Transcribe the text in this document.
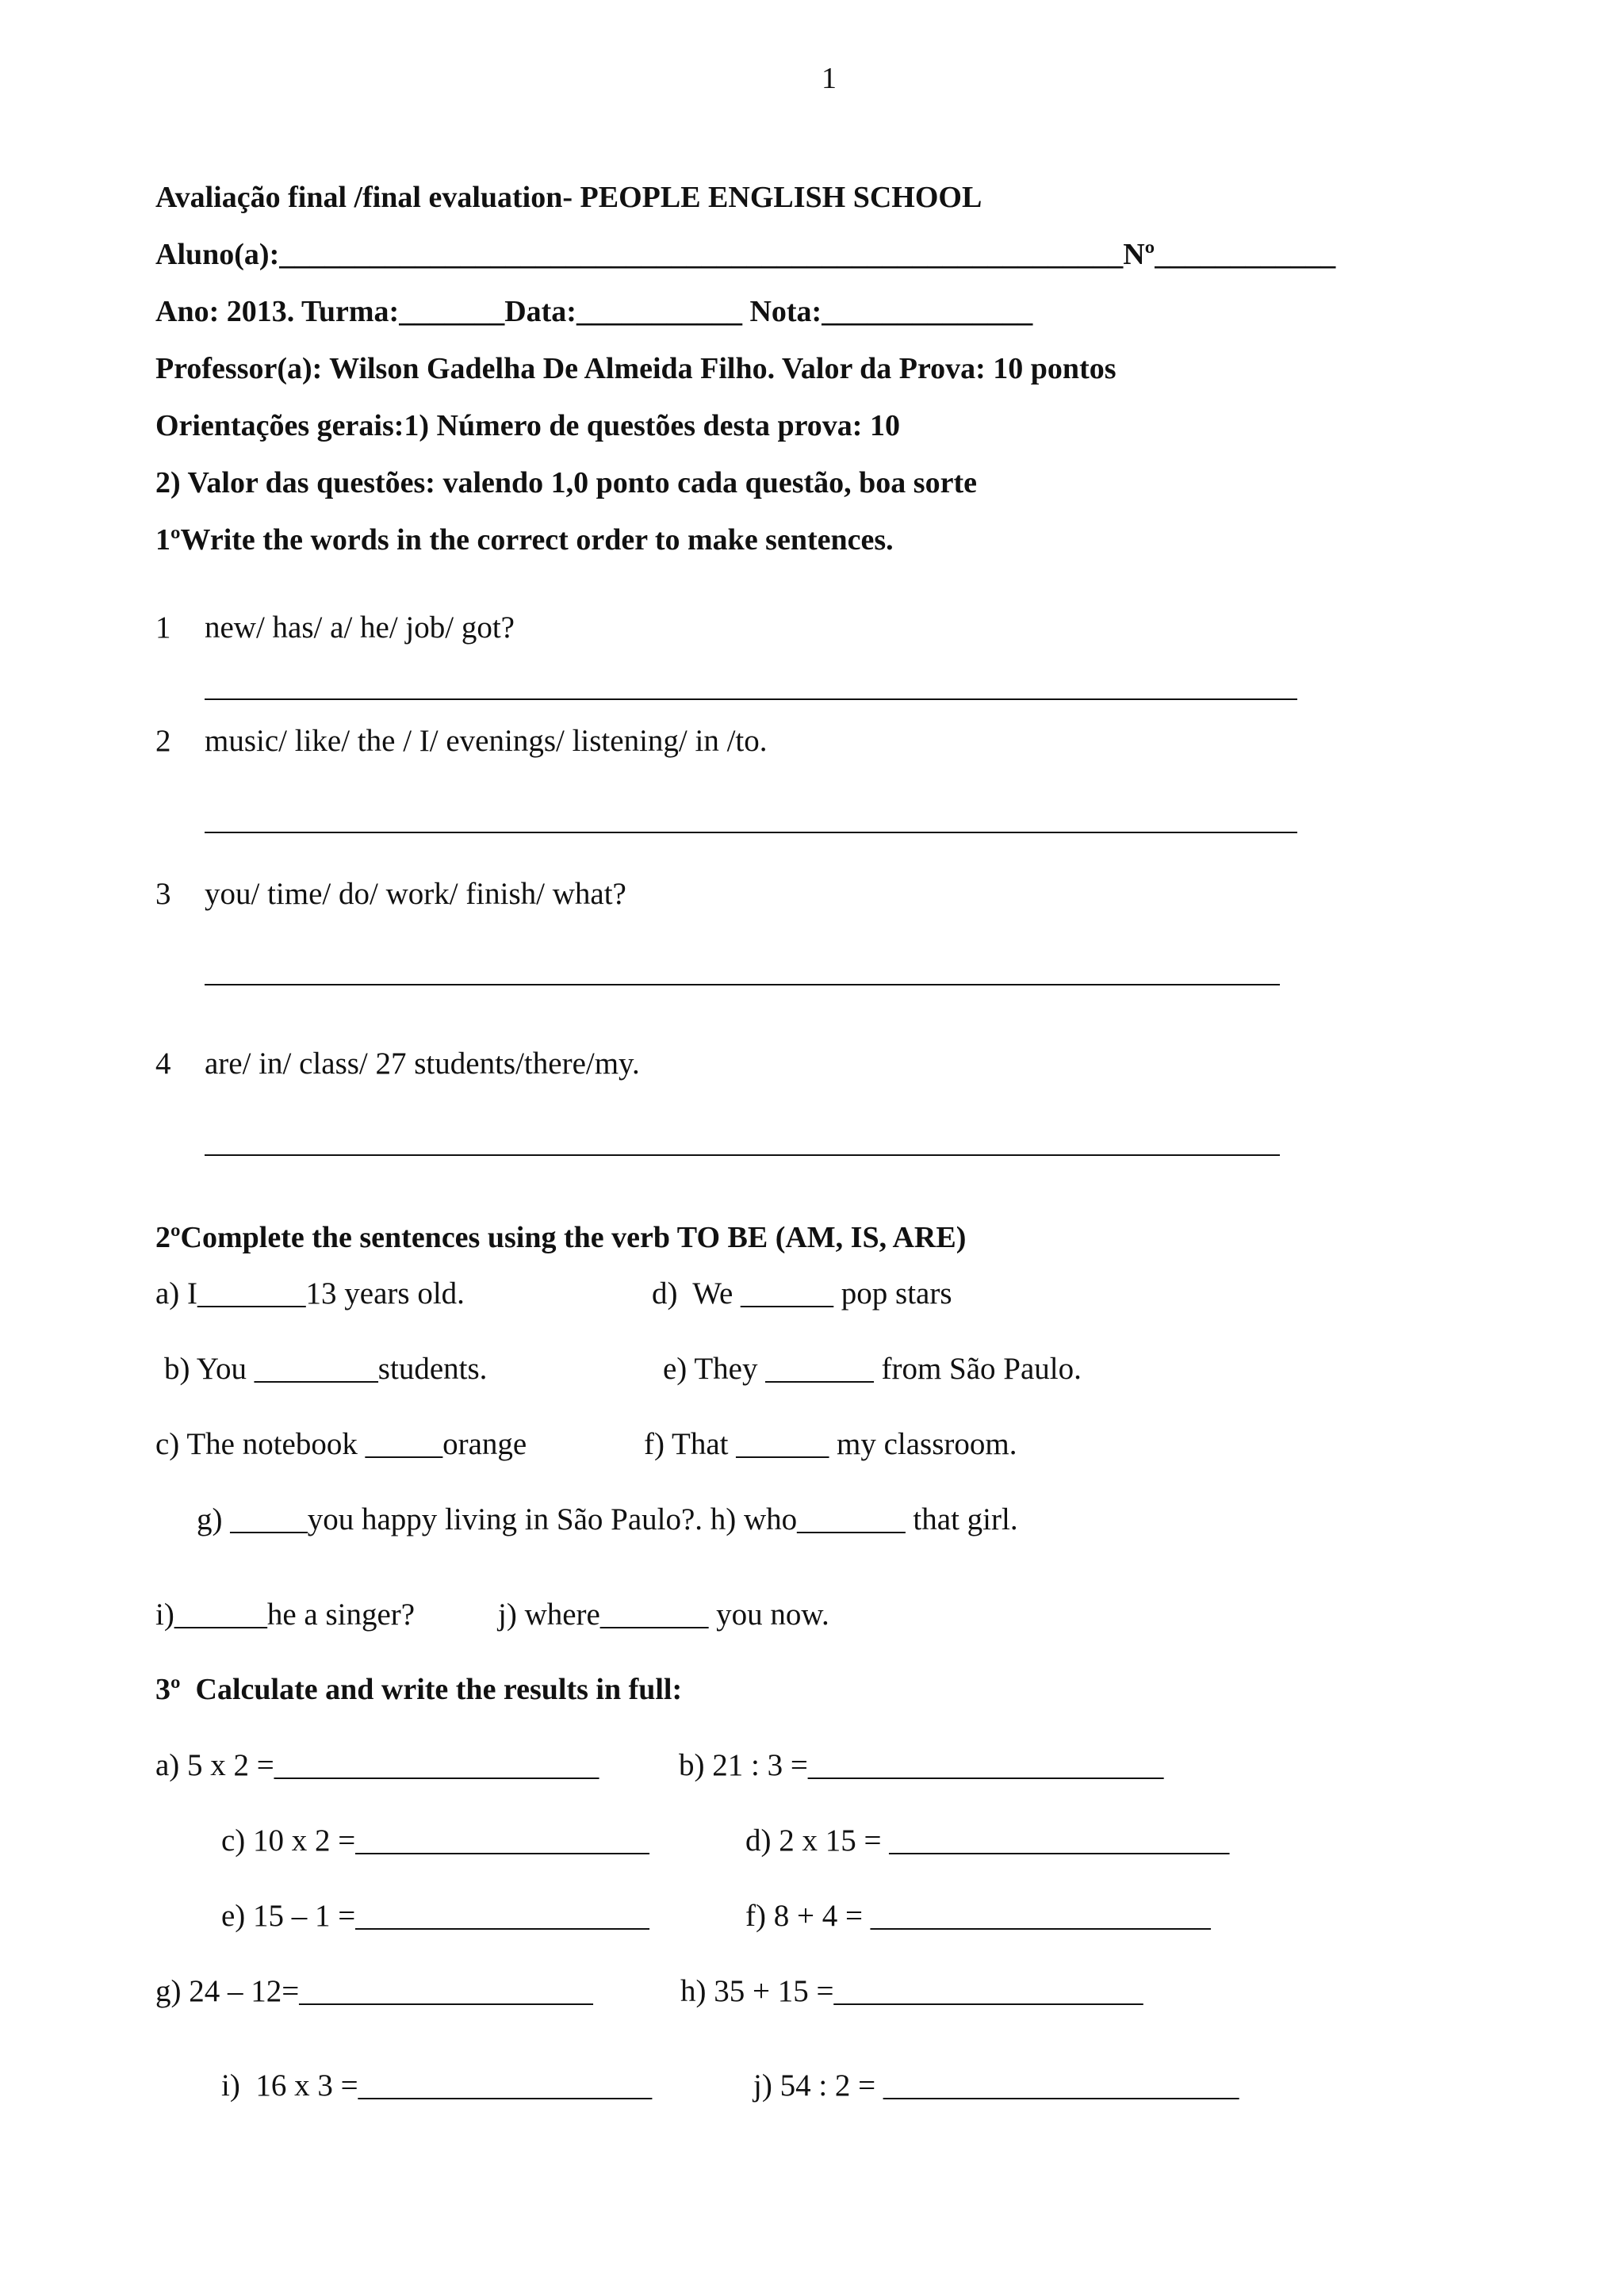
1
Avaliação final /final evaluation- PEOPLE ENGLISH SCHOOL
Aluno(a):________________________________________________________Nº____________
Ano: 2013. Turma:_______Data:___________ Nota:______________
Professor(a): Wilson Gadelha De Almeida Filho. Valor da Prova: 10 pontos
Orientações gerais:1) Número de questões desta prova: 10
2) Valor das questões: valendo 1,0 ponto cada questão, boa sorte
1ºWrite the words in the correct order to make sentences.
1 new/ has/ a/ he/ job/ got?
2 music/ like/ the / I/ evenings/ listening/ in /to.
3 you/ time/ do/ work/ finish/ what?
4 are/ in/ class/ 27 students/there/my.
2ºComplete the sentences using the verb TO BE (AM, IS, ARE)
a) I_______13 years old.	d)  We ______ pop stars
b) You ________students.	e) They _______ from São Paulo.
c) The notebook _____orange	f) That ______ my classroom.
g) _____you happy living in São Paulo?. h) who_______ that girl.
i)______he a singer?	j) where_______ you now.
3º  Calculate and write the results in full:
a) 5 x 2 =_____________________	b) 21 : 3 =_______________________
c) 10 x 2 =___________________	d) 2 x 15 = ______________________
e) 15 – 1 =___________________	f) 8 + 4 = ______________________
g) 24 – 12=___________________	h) 35 + 15 =____________________
i)  16 x 3 =___________________	j) 54 : 2 = _______________________
